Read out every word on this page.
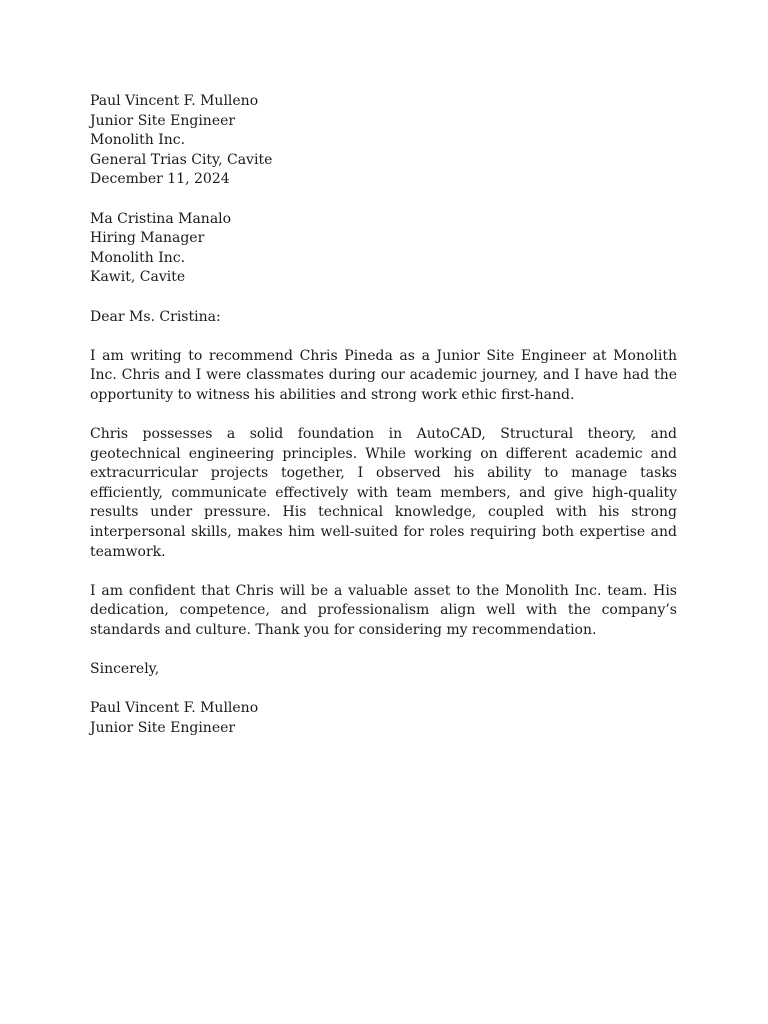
Paul Vincent F. Mulleno
Junior Site Engineer
Monolith Inc.
General Trias City, Cavite
December 11, 2024
Ma Cristina Manalo
Hiring Manager
Monolith Inc.
Kawit, Cavite

Dear Ms. Cristina:

I am writing to recommend Chris Pineda as a Junior Site Engineer at Monolith Inc. Chris and I were classmates during our academic journey, and I have had the opportunity to witness his abilities and strong work ethic first-hand.

Chris possesses a solid foundation in AutoCAD, Structural theory, and geotechnical engineering principles. While working on different academic and extracurricular projects together, I observed his ability to manage tasks efficiently, communicate effectively with team members, and give high-quality results under pressure. His technical knowledge, coupled with his strong interpersonal skills, makes him well-suited for roles requiring both expertise and teamwork.

I am confident that Chris will be a valuable asset to the Monolith Inc. team. His dedication, competence, and professionalism align well with the company’s standards and culture. Thank you for considering my recommendation.

Sincerely,

Paul Vincent F. Mulleno
Junior Site Engineer
